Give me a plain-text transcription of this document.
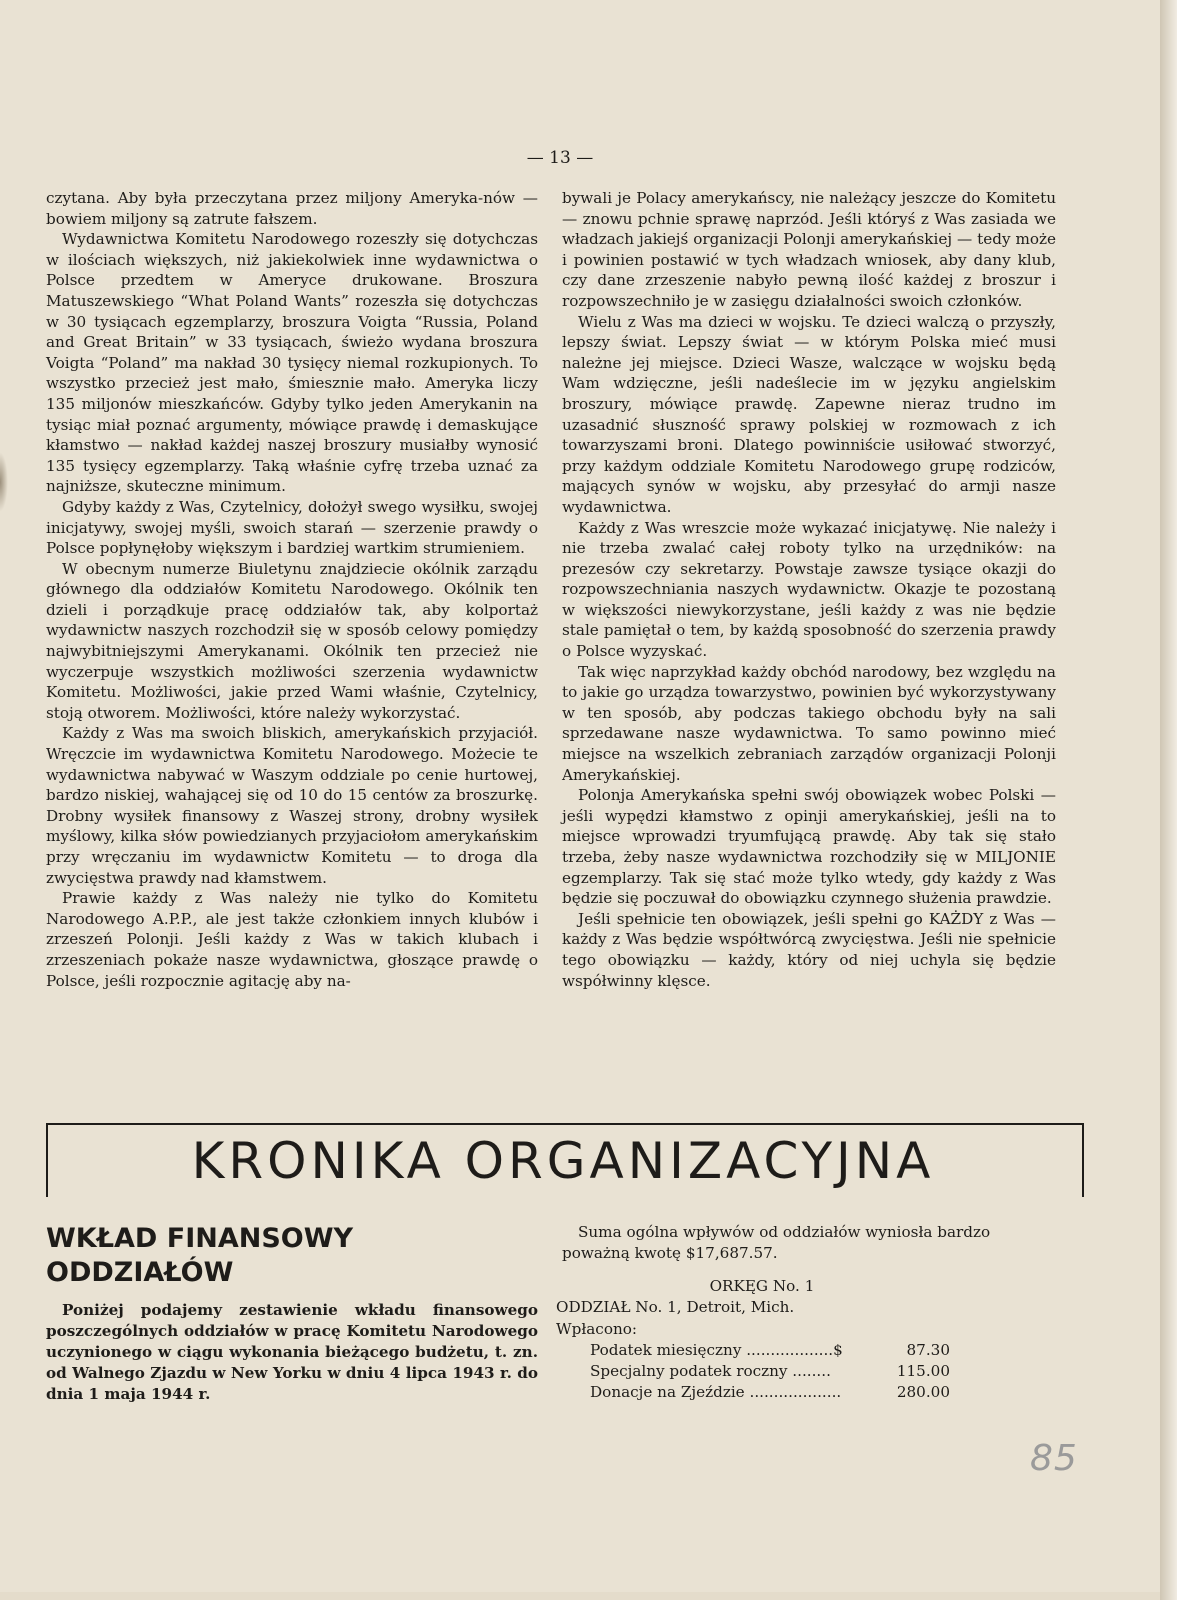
— 13 —

czytana. Aby była przeczytana przez miljony Ameryka-nów — bowiem miljony są zatrute fałszem.

Wydawnictwa Komitetu Narodowego rozeszły się dotychczas w ilościach większych, niż jakiekolwiek inne wydawnictwa o Polsce przedtem w Ameryce drukowane. Broszura Matuszewskiego “What Poland Wants” rozeszła się dotychczas w 30 tysiącach egzemplarzy, broszura Voigta “Russia, Poland and Great Britain” w 33 tysiącach, świeżo wydana broszura Voigta “Poland” ma nakład 30 tysięcy niemal rozkupionych. To wszystko przecież jest mało, śmiesznie mało. Ameryka liczy 135 miljonów mieszkańców. Gdyby tylko jeden Amerykanin na tysiąc miał poznać argumenty, mówiące prawdę i demaskujące kłamstwo — nakład każdej naszej broszury musiałby wynosić 135 tysięcy egzemplarzy. Taką właśnie cyfrę trzeba uznać za najniższe, skuteczne minimum.

Gdyby każdy z Was, Czytelnicy, dołożył swego wysiłku, swojej inicjatywy, swojej myśli, swoich starań — szerzenie prawdy o Polsce popłynęłoby większym i bardziej wartkim strumieniem.

W obecnym numerze Biuletynu znajdziecie okólnik zarządu głównego dla oddziałów Komitetu Narodowego. Okólnik ten dzieli i porządkuje pracę oddziałów tak, aby kolportaż wydawnictw naszych rozchodził się w sposób celowy pomiędzy najwybitniejszymi Amerykanami. Okólnik ten przecież nie wyczerpuje wszystkich możliwości szerzenia wydawnictw Komitetu. Możliwości, jakie przed Wami właśnie, Czytelnicy, stoją otworem. Możliwości, które należy wykorzystać.

Każdy z Was ma swoich bliskich, amerykańskich przyjaciół. Wręczcie im wydawnictwa Komitetu Narodowego. Możecie te wydawnictwa nabywać w Waszym oddziale po cenie hurtowej, bardzo niskiej, wahającej się od 10 do 15 centów za broszurkę. Drobny wysiłek finansowy z Waszej strony, drobny wysiłek myślowy, kilka słów powiedzianych przyjaciołom amerykańskim przy wręczaniu im wydawnictw Komitetu — to droga dla zwycięstwa prawdy nad kłamstwem.

Prawie każdy z Was należy nie tylko do Komitetu Narodowego A.P.P., ale jest także członkiem innych klubów i zrzeszeń Polonji. Jeśli każdy z Was w takich klubach i zrzeszeniach pokaże nasze wydawnictwa, głoszące prawdę o Polsce, jeśli rozpocznie agitację aby na-

bywali je Polacy amerykańscy, nie należący jeszcze do Komitetu — znowu pchnie sprawę naprzód. Jeśli któryś z Was zasiada we władzach jakiejś organizacji Polonji amerykańskiej — tedy może i powinien postawić w tych władzach wniosek, aby dany klub, czy dane zrzeszenie nabyło pewną ilość każdej z broszur i rozpowszechniło je w zasięgu działalności swoich członków.

Wielu z Was ma dzieci w wojsku. Te dzieci walczą o przyszły, lepszy świat. Lepszy świat — w którym Polska mieć musi należne jej miejsce. Dzieci Wasze, walczące w wojsku będą Wam wdzięczne, jeśli nadeślecie im w języku angielskim broszury, mówiące prawdę. Zapewne nieraz trudno im uzasadnić słuszność sprawy polskiej w rozmowach z ich towarzyszami broni. Dlatego powinniście usiłować stworzyć, przy każdym oddziale Komitetu Narodowego grupę rodziców, mających synów w wojsku, aby przesyłać do armji nasze wydawnictwa.

Każdy z Was wreszcie może wykazać inicjatywę. Nie należy i nie trzeba zwalać całej roboty tylko na urzędników: na prezesów czy sekretarzy. Powstaje zawsze tysiące okazji do rozpowszechniania naszych wydawnictw. Okazje te pozostaną w większości niewykorzystane, jeśli każdy z was nie będzie stale pamiętał o tem, by każdą sposobność do szerzenia prawdy o Polsce wyzyskać.

Tak więc naprzykład każdy obchód narodowy, bez względu na to jakie go urządza towarzystwo, powinien być wykorzystywany w ten sposób, aby podczas takiego obchodu były na sali sprzedawane nasze wydawnictwa. To samo powinno mieć miejsce na wszelkich zebraniach zarządów organizacji Polonji Amerykańskiej.

Polonja Amerykańska spełni swój obowiązek wobec Polski — jeśli wypędzi kłamstwo z opinji amerykańskiej, jeśli na to miejsce wprowadzi tryumfującą prawdę. Aby tak się stało trzeba, żeby nasze wydawnictwa rozchodziły się w MILJONIE egzemplarzy. Tak się stać może tylko wtedy, gdy każdy z Was będzie się poczuwał do obowiązku czynnego służenia prawdzie.

Jeśli spełnicie ten obowiązek, jeśli spełni go KAŻDY z Was — każdy z Was będzie współtwórcą zwycięstwa. Jeśli nie spełnicie tego obowiązku — każdy, który od niej uchyla się będzie współwinny klęsce.

KRONIKA ORGANIZACYJNA
WKŁAD FINANSOWY
ODDZIAŁÓW

Poniżej podajemy zestawienie wkładu finansowego poszczególnych oddziałów w pracę Komitetu Narodowego uczynionego w ciągu wykonania bieżącego budżetu, t. zn. od Walnego Zjazdu w New Yorku w dniu 4 lipca 1943 r. do dnia 1 maja 1944 r.

Suma ogólna wpływów od oddziałów wyniosła bardzo poważną kwotę $17,687.57.

ORKĘG No. 1

ODDZIAŁ No. 1, Detroit, Mich.

Wpłacono:

Podatek miesięczny ..................$	87.30
Specjalny podatek roczny ........	115.00
Donacje na Zjeździe ...................	280.00
85
